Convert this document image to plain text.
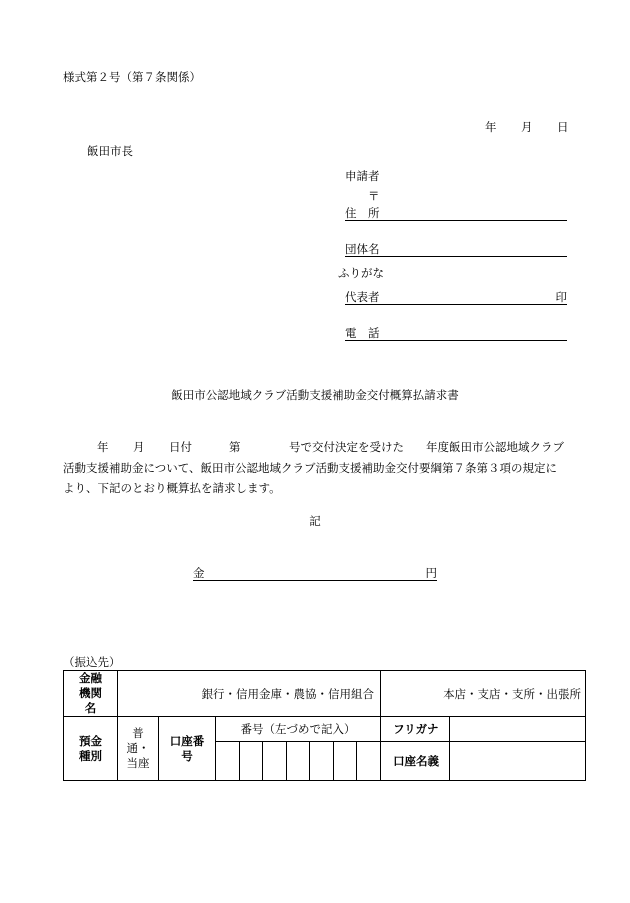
様式第２号（第７条関係）
年 月 日
飯田市長
申請者
〒
住　所
団体名
ふりがな
代表者	印
電　話
飯田市公認地域クラブ活動支援補助金交付概算払請求書
年 月 日付	第	号で交付決定を受けた 年度飯田市公認地域クラブ
活動支援補助金について、飯田市公認地域クラブ活動支援補助金交付要綱第７条第３項の規定に
より、下記のとおり概算払を請求します。
記
金	円
（振込先）
金融機関名	銀行・信用金庫・農協・信用組合									本店・支店・支所・出張所	

預金種別	普通・当座	口座番号	番号（左づめで記入）							フリガナ	
										口座名義	
